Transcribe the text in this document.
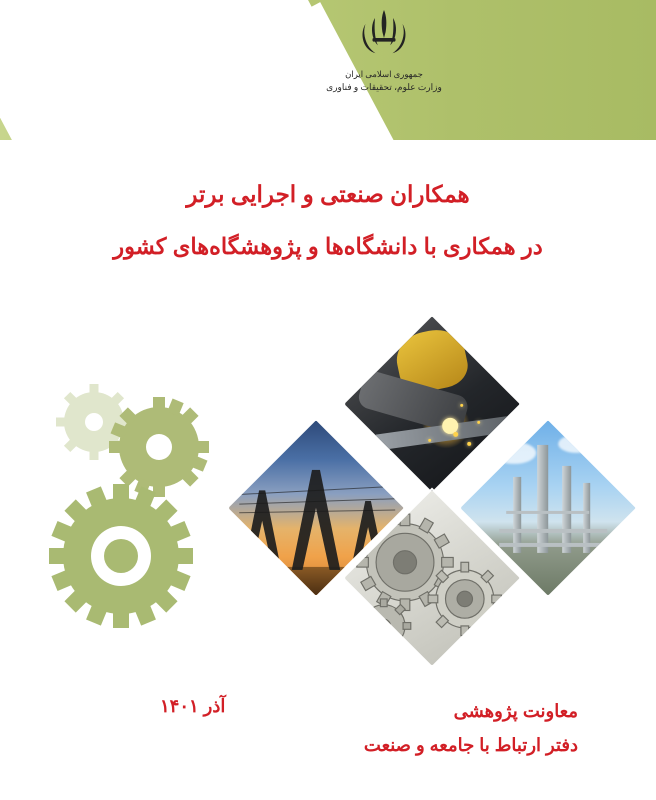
جمهوری اسلامی ایران
وزارت علوم، تحقیقات و فناوری
همکاران صنعتی و اجرایی برتر
در همکاری با دانشگاه‌ها و پژوهشگاه‌های کشور
معاونت پژوهشی
دفتر ارتباط با جامعه و صنعت
آذر ۱۴۰۱
